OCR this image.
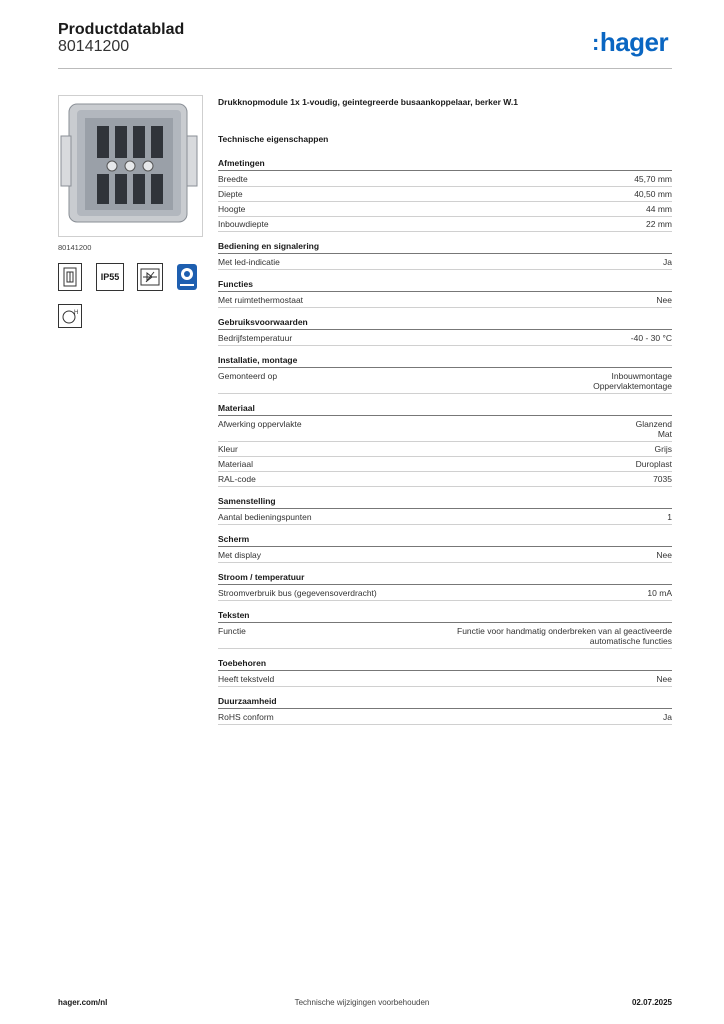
Productdatablad
80141200	:hager
80141200
IP55
H
Drukknopmodule 1x 1-voudig, geintegreerde busaankoppelaar, berker W.1
Technische eigenschappen
Afmetingen
Breedte	45,70 mm
Diepte	40,50 mm
Hoogte	44 mm
Inbouwdiepte	22 mm
Bediening en signalering
Met led-indicatie	Ja
Functies
Met ruimtethermostaat	Nee
Gebruiksvoorwaarden
Bedrijfstemperatuur	-40 - 30 °C
Installatie, montage
Gemonteerd op	Inbouwmontage
Oppervlaktemontage
Materiaal
Afwerking oppervlakte	Glanzend
Mat
Kleur	Grijs
Materiaal	Duroplast
RAL-code	7035
Samenstelling
Aantal bedieningspunten	1
Scherm
Met display	Nee
Stroom / temperatuur
Stroomverbruik bus (gegevensoverdracht)	10 mA
Teksten
Functie	Functie voor handmatig onderbreken van al geactiveerde
automatische functies
Toebehoren
Heeft tekstveld	Nee
Duurzaamheid
RoHS conform	Ja
hager.com/nl	Technische wijzigingen voorbehouden	02.07.2025
